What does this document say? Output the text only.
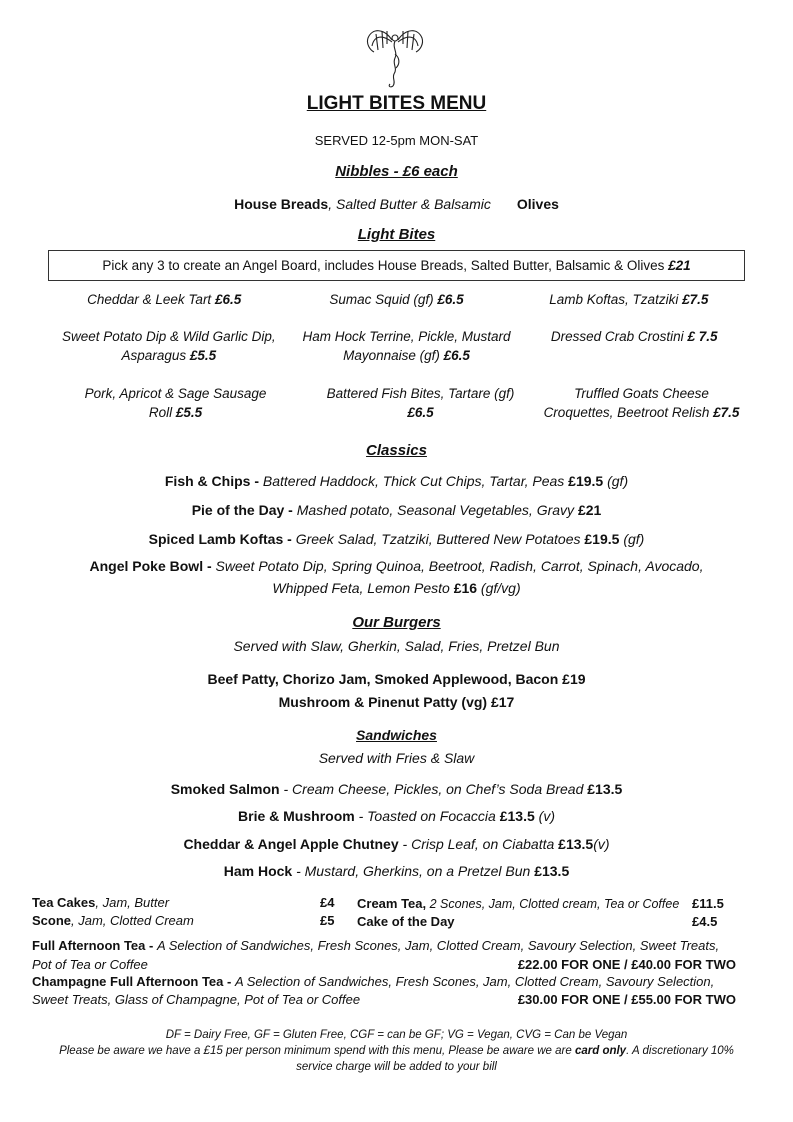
LIGHT BITES MENU
SERVED 12-5pm MON-SAT
Nibbles - £6 each
House Breads, Salted Butter & Balsamic Olives
Light Bites
Pick any 3 to create an Angel Board, includes House Breads, Salted Butter, Balsamic & Olives £21
Cheddar & Leek Tart £6.5	Sumac Squid (gf) £6.5	Lamb Koftas, Tzatziki £7.5
Sweet Potato Dip & Wild Garlic Dip, Asparagus £5.5
Ham Hock Terrine, Pickle, Mustard Mayonnaise (gf) £6.5
Dressed Crab Crostini £ 7.5
Pork, Apricot & Sage Sausage Roll £5.5
Battered Fish Bites, Tartare (gf) £6.5
Truffled Goats Cheese Croquettes, Beetroot Relish £7.5
Classics
Fish & Chips - Battered Haddock, Thick Cut Chips, Tartar, Peas £19.5 (gf)
Pie of the Day - Mashed potato, Seasonal Vegetables, Gravy £21
Spiced Lamb Koftas - Greek Salad, Tzatziki, Buttered New Potatoes £19.5 (gf)
Angel Poke Bowl - Sweet Potato Dip, Spring Quinoa, Beetroot, Radish, Carrot, Spinach, Avocado,
Whipped Feta, Lemon Pesto £16 (gf/vg)
Our Burgers
Served with Slaw, Gherkin, Salad, Fries, Pretzel Bun
Beef Patty, Chorizo Jam, Smoked Applewood, Bacon £19
Mushroom & Pinenut Patty (vg) £17
Sandwiches
Served with Fries & Slaw
Smoked Salmon - Cream Cheese, Pickles, on Chef’s Soda Bread £13.5
Brie & Mushroom - Toasted on Focaccia £13.5 (v)
Cheddar & Angel Apple Chutney - Crisp Leaf, on Ciabatta £13.5(v)
Ham Hock - Mustard, Gherkins, on a Pretzel Bun £13.5
Tea Cakes, Jam, Butter	£4
Scone, Jam, Clotted Cream	£5
Cream Tea, 2 Scones, Jam, Clotted cream, Tea or Coffee £11.5
Cake of the Day	£4.5
Full Afternoon Tea - A Selection of Sandwiches, Fresh Scones, Jam, Clotted Cream, Savoury Selection, Sweet Treats,
Pot of Tea or Coffee	£22.00 FOR ONE / £40.00 FOR TWO
Champagne Full Afternoon Tea - A Selection of Sandwiches, Fresh Scones, Jam, Clotted Cream, Savoury Selection,
Sweet Treats, Glass of Champagne, Pot of Tea or Coffee	£30.00 FOR ONE / £55.00 FOR TWO
DF = Dairy Free, GF = Gluten Free, CGF = can be GF; VG = Vegan, CVG = Can be Vegan
Please be aware we have a £15 per person minimum spend with this menu, Please be aware we are card only. A discretionary 10%
service charge will be added to your bill
